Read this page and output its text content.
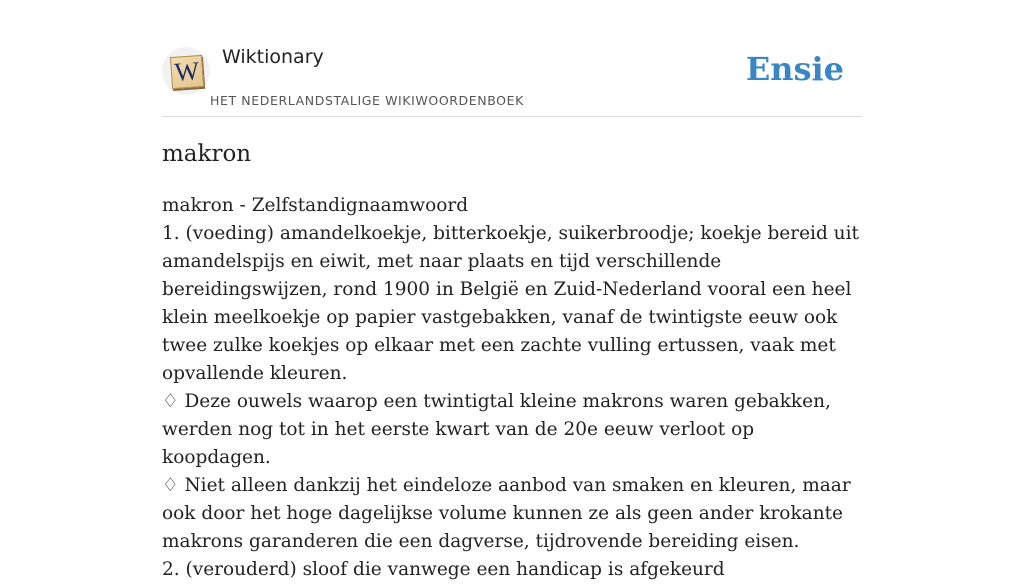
W Wiktionary
HET NEDERLANDSTALIGE WIKIWOORDENBOEK
Ensie
makron
makron - Zelfstandignaamwoord
1. (voeding) amandelkoekje, bitterkoekje, suikerbroodje; koekje bereid uit amandelspijs en eiwit, met naar plaats en tijd verschillende bereidingswijzen, rond 1900 in België en Zuid-Nederland vooral een heel klein meelkoekje op papier vastgebakken, vanaf de twintigste eeuw ook twee zulke koekjes op elkaar met een zachte vulling ertussen, vaak met opvallende kleuren.
♢ Deze ouwels waarop een twintigtal kleine makrons waren gebakken, werden nog tot in het eerste kwart van de 20e eeuw verloot op koopdagen.
♢ Niet alleen dankzij het eindeloze aanbod van smaken en kleuren, maar ook door het hoge dagelijkse volume kunnen ze als geen ander krokante makrons garanderen die een dagverse, tijdrovende bereiding eisen.
2. (verouderd) sloof die vanwege een handicap is afgekeurd
